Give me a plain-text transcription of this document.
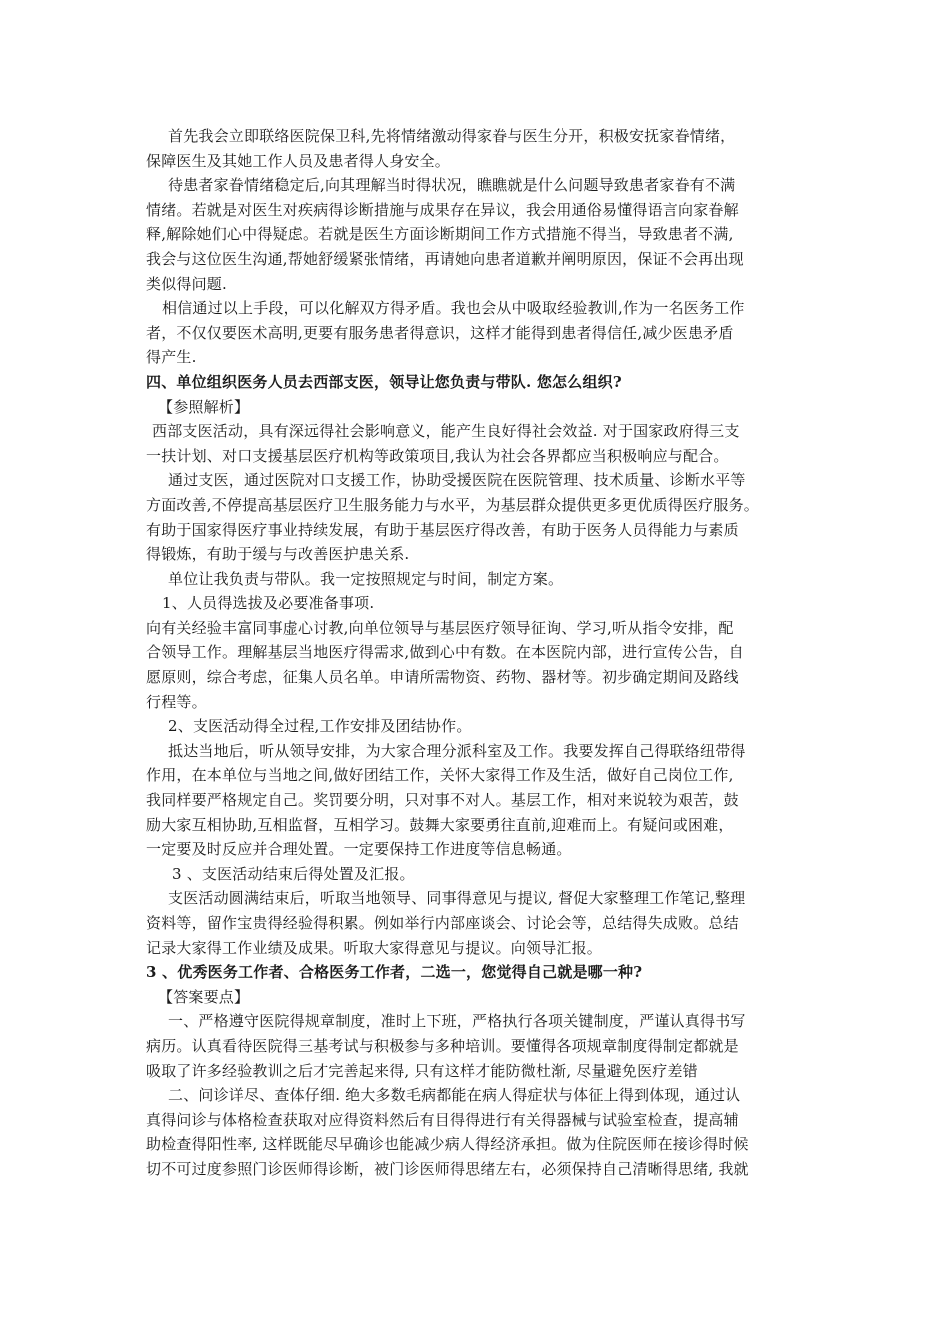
首先我会立即联络医院保卫科,先将情绪激动得家眷与医生分开，积极安抚家眷情绪，
保障医生及其她工作人员及患者得人身安全。
待患者家眷情绪稳定后,向其理解当时得状况，瞧瞧就是什么问题导致患者家眷有不满
情绪。若就是对医生对疾病得诊断措施与成果存在异议，我会用通俗易懂得语言向家眷解
释,解除她们心中得疑虑。若就是医生方面诊断期间工作方式措施不得当，导致患者不满,
我会与这位医生沟通,帮她舒缓紧张情绪，再请她向患者道歉并阐明原因，保证不会再出现
类似得问题.
相信通过以上手段，可以化解双方得矛盾。我也会从中吸取经验教训,作为一名医务工作
者，不仅仅要医术高明,更要有服务患者得意识，这样才能得到患者得信任,减少医患矛盾
得产生.
四、单位组织医务人员去西部支医，领导让您负责与带队. 您怎么组织?
【参照解析】
西部支医活动，具有深远得社会影响意义，能产生良好得社会效益. 对于国家政府得三支
一扶计划、对口支援基层医疗机构等政策项目,我认为社会各界都应当积极响应与配合。
通过支医，通过医院对口支援工作，协助受援医院在医院管理、技术质量、诊断水平等
方面改善,不停提高基层医疗卫生服务能力与水平，为基层群众提供更多更优质得医疗服务。
有助于国家得医疗事业持续发展，有助于基层医疗得改善，有助于医务人员得能力与素质
得锻炼，有助于缓与与改善医护患关系.
单位让我负责与带队。我一定按照规定与时间，制定方案。
1、人员得选拔及必要准备事项.
向有关经验丰富同事虚心讨教,向单位领导与基层医疗领导征询、学习,听从指令安排，配
合领导工作。理解基层当地医疗得需求,做到心中有数。在本医院内部，进行宣传公告，自
愿原则，综合考虑，征集人员名单。申请所需物资、药物、器材等。初步确定期间及路线
行程等。
2、支医活动得全过程,工作安排及团结协作。
抵达当地后，听从领导安排，为大家合理分派科室及工作。我要发挥自己得联络纽带得
作用，在本单位与当地之间,做好团结工作，关怀大家得工作及生活，做好自己岗位工作,
我同样要严格规定自己。奖罚要分明，只对事不对人。基层工作，相对来说较为艰苦，鼓
励大家互相协助,互相监督，互相学习。鼓舞大家要勇往直前,迎难而上。有疑问或困难，
一定要及时反应并合理处置。一定要保持工作进度等信息畅通。
3 、支医活动结束后得处置及汇报。
支医活动圆满结束后，听取当地领导、同事得意见与提议, 督促大家整理工作笔记,整理
资料等，留作宝贵得经验得积累。例如举行内部座谈会、讨论会等，总结得失成败。总结
记录大家得工作业绩及成果。听取大家得意见与提议。向领导汇报。
3 、优秀医务工作者、合格医务工作者，二选一，您觉得自己就是哪一种?
【答案要点】
一、严格遵守医院得规章制度，准时上下班，严格执行各项关键制度，严谨认真得书写
病历。认真看待医院得三基考试与积极参与多种培训。要懂得各项规章制度得制定都就是
吸取了许多经验教训之后才完善起来得, 只有这样才能防微杜渐, 尽量避免医疗差错
二、问诊详尽、查体仔细. 绝大多数毛病都能在病人得症状与体征上得到体现，通过认
真得问诊与体格检查获取对应得资料然后有目得得进行有关得器械与试验室检查，提高辅
助检查得阳性率, 这样既能尽早确诊也能减少病人得经济承担。做为住院医师在接诊得时候
切不可过度参照门诊医师得诊断，被门诊医师得思绪左右，必须保持自己清晰得思绪, 我就
